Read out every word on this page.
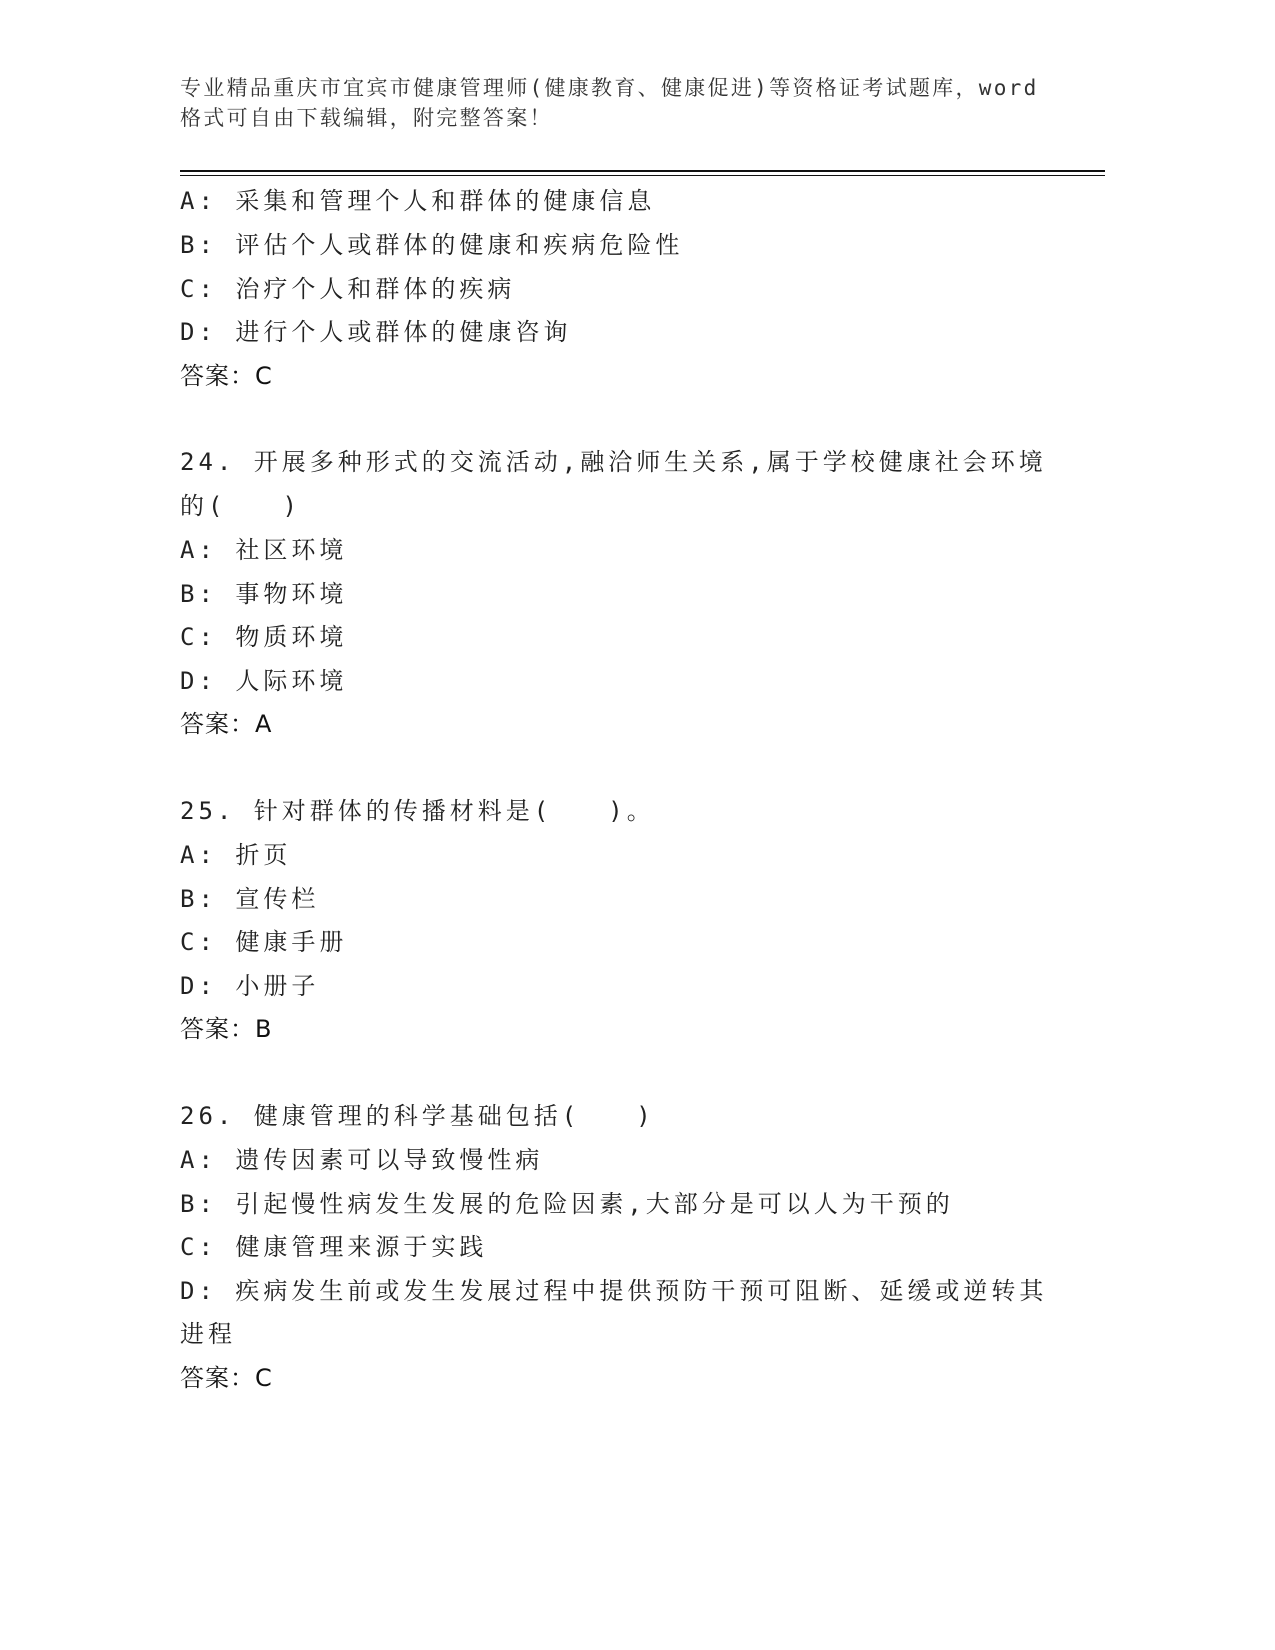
专业精品重庆市宜宾市健康管理师(健康教育、健康促进)等资格证考试题库，word
格式可自由下载编辑，附完整答案！
A: 采集和管理个人和群体的健康信息
B: 评估个人或群体的健康和疾病危险性
C: 治疗个人和群体的疾病
D: 进行个人或群体的健康咨询
答案：C
24. 开展多种形式的交流活动,融洽师生关系,属于学校健康社会环境
的(　　)
A: 社区环境
B: 事物环境
C: 物质环境
D: 人际环境
答案：A
25. 针对群体的传播材料是(　　)。
A: 折页
B: 宣传栏
C: 健康手册
D: 小册子
答案：B
26. 健康管理的科学基础包括(　　)
A: 遗传因素可以导致慢性病
B: 引起慢性病发生发展的危险因素,大部分是可以人为干预的
C: 健康管理来源于实践
D: 疾病发生前或发生发展过程中提供预防干预可阻断、延缓或逆转其
进程
答案：C
